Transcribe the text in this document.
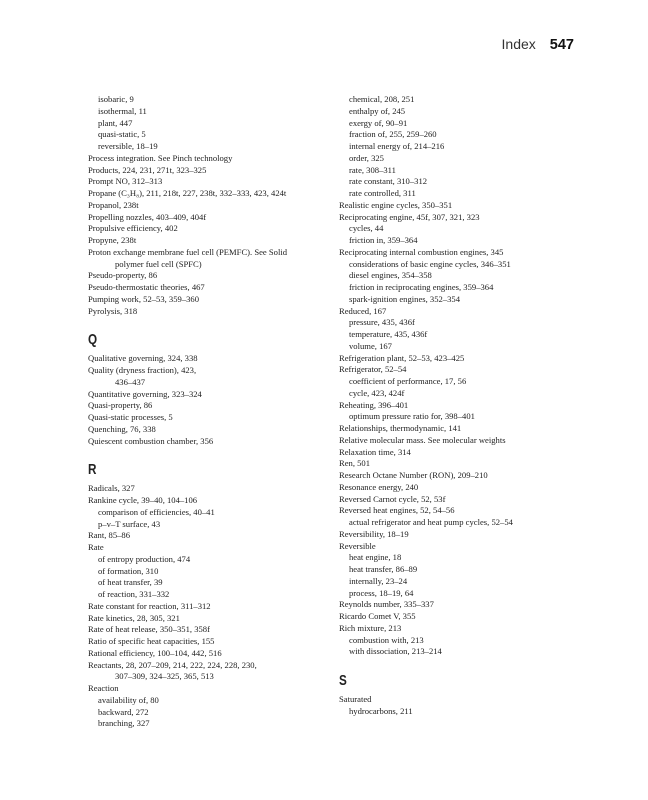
Index 547
isobaric, 9
isothermal, 11
plant, 447
quasi-static, 5
reversible, 18–19
Process integration. See Pinch technology
Products, 224, 231, 271t, 323–325
Prompt NO, 312–313
Propane (C₃H₈), 211, 218t, 227, 238t, 332–333, 423, 424t
Propanol, 238t
Propelling nozzles, 403–409, 404f
Propulsive efficiency, 402
Propyne, 238t
Proton exchange membrane fuel cell (PEMFC). See Solid
polymer fuel cell (SPFC)
Pseudo-property, 86
Pseudo-thermostatic theories, 467
Pumping work, 52–53, 359–360
Pyrolysis, 318
Q
Qualitative governing, 324, 338
Quality (dryness fraction), 423,
436–437
Quantitative governing, 323–324
Quasi-property, 86
Quasi-static processes, 5
Quenching, 76, 338
Quiescent combustion chamber, 356
R
Radicals, 327
Rankine cycle, 39–40, 104–106
comparison of efficiencies, 40–41
p–v–T surface, 43
Rant, 85–86
Rate
of entropy production, 474
of formation, 310
of heat transfer, 39
of reaction, 331–332
Rate constant for reaction, 311–312
Rate kinetics, 28, 305, 321
Rate of heat release, 350–351, 358f
Ratio of specific heat capacities, 155
Rational efficiency, 100–104, 442, 516
Reactants, 28, 207–209, 214, 222, 224, 228, 230,
307–309, 324–325, 365, 513
Reaction
availability of, 80
backward, 272
branching, 327
chemical, 208, 251
enthalpy of, 245
exergy of, 90–91
fraction of, 255, 259–260
internal energy of, 214–216
order, 325
rate, 308–311
rate constant, 310–312
rate controlled, 311
Realistic engine cycles, 350–351
Reciprocating engine, 45f, 307, 321, 323
cycles, 44
friction in, 359–364
Reciprocating internal combustion engines, 345
considerations of basic engine cycles, 346–351
diesel engines, 354–358
friction in reciprocating engines, 359–364
spark-ignition engines, 352–354
Reduced, 167
pressure, 435, 436f
temperature, 435, 436f
volume, 167
Refrigeration plant, 52–53, 423–425
Refrigerator, 52–54
coefficient of performance, 17, 56
cycle, 423, 424f
Reheating, 396–401
optimum pressure ratio for, 398–401
Relationships, thermodynamic, 141
Relative molecular mass. See molecular weights
Relaxation time, 314
Ren, 501
Research Octane Number (RON), 209–210
Resonance energy, 240
Reversed Carnot cycle, 52, 53f
Reversed heat engines, 52, 54–56
actual refrigerator and heat pump cycles, 52–54
Reversibility, 18–19
Reversible
heat engine, 18
heat transfer, 86–89
internally, 23–24
process, 18–19, 64
Reynolds number, 335–337
Ricardo Comet V, 355
Rich mixture, 213
combustion with, 213
with dissociation, 213–214
S
Saturated
hydrocarbons, 211
